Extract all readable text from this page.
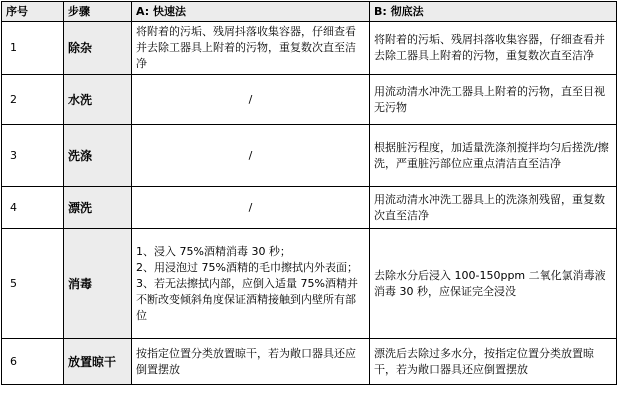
序号	步骤	A: 快速法	B: 彻底法
1	除杂	将附着的污垢、残屑抖落收集容器，仔细查看并去除工器具上附着的污物，重复数次直至洁净	将附着的污垢、残屑抖落收集容器，仔细查看并去除工器具上附着的污物，重复数次直至洁净
2	水洗	/	用流动清水冲洗工器具上附着的污物，直至目视无污物
3	洗涤	/	根据脏污程度，加适量洗涤剂搅拌均匀后搓洗/擦洗，严重脏污部位应重点清洁直至洁净
4	漂洗	/	用流动清水冲洗工器具上的洗涤剂残留，重复数次直至洁净
5	消毒	1、浸入 75%酒精消毒 30 秒；
2、用浸泡过 75%酒精的毛巾擦拭内外表面；
3、若无法擦拭内部，应倒入适量 75%酒精并不断改变倾斜角度保证酒精接触到内壁所有部位	去除水分后浸入 100-150ppm 二氧化氯消毒液消毒 30 秒，应保证完全浸没
6	放置晾干	按指定位置分类放置晾干，若为敞口器具还应倒置摆放	漂洗后去除过多水分，按指定位置分类放置晾干，若为敞口器具还应倒置摆放
